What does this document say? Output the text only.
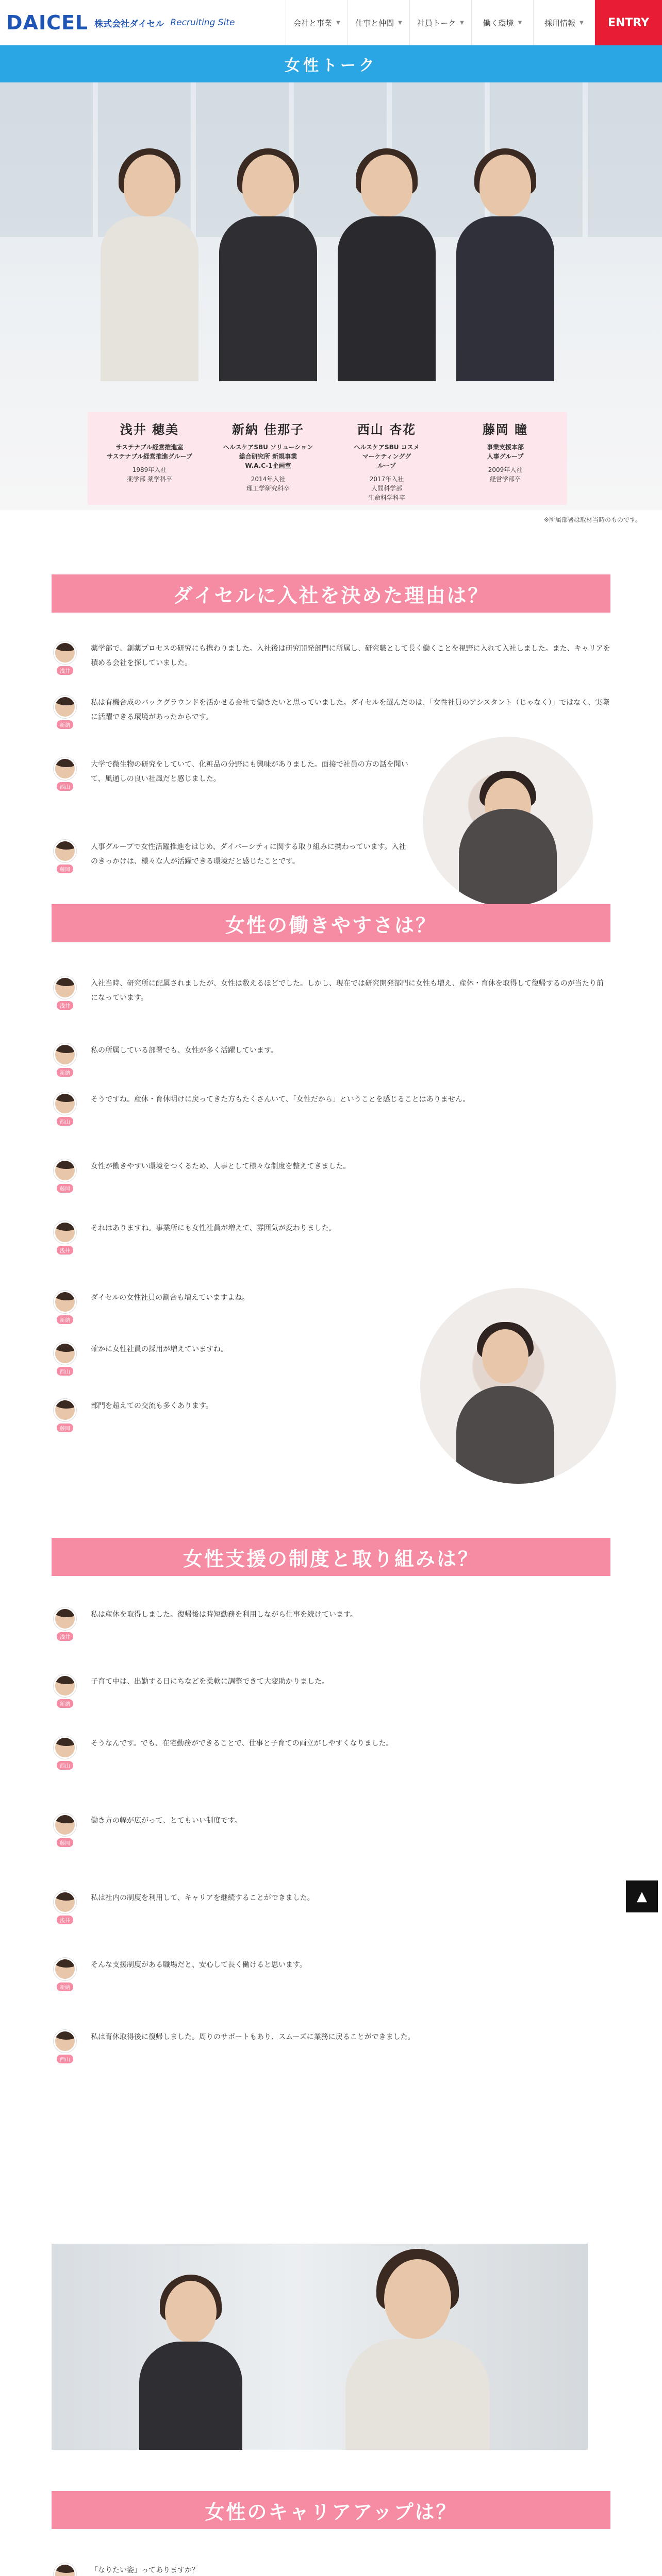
DAICEL 株式会社ダイセル Recruiting Site	会社と事業 ▼ 仕事と仲間 ▼ 社員トーク ▼ 働く環境 ▼	採用情報 ▼	ENTRY
女性トーク
浅井 穂美
サステナブル経営推進室
サステナブル経営推進グループ
1989年入社
薬学部 薬学科卒
新納 佳那子
ヘルスケアSBU ソリューション
総合研究所 新規事業
W.A.C-1企画室
2014年入社
理工学研究科卒
西山 杏花
ヘルスケアSBU コスメ
マーケティンググ
ループ
2017年入社
人間科学部
生命科学科卒
藤岡 瞳
事業支援本部
人事グループ
2009年入社
経営学部卒
※所属部署は取材当時のものです。
ダイセルに入社を決めた理由は？
浅井

薬学部で、創薬プロセスの研究にも携わりました。入社後は研究開発部門に所属し、研究職として長く働くことを視野に入れて入社しました。また、キャリアを積める会社を探していました。

新納

私は有機合成のバックグラウンドを活かせる会社で働きたいと思っていました。ダイセルを選んだのは、「女性社員のアシスタント（じゃなく）」ではなく、実際に活躍できる環境があったからです。

西山

大学で微生物の研究をしていて、化粧品の分野にも興味がありました。面接で社員の方の話を聞いて、風通しの良い社風だと感じました。

藤岡

人事グループで女性活躍推進をはじめ、ダイバーシティに関する取り組みに携わっています。入社のきっかけは、様々な人が活躍できる環境だと感じたことです。

女性の働きやすさは？
浅井

入社当時、研究所に配属されましたが、女性は数えるほどでした。しかし、現在では研究開発部門に女性も増え、産休・育休を取得して復帰するのが当たり前になっています。

新納

私の所属している部署でも、女性が多く活躍しています。

西山

そうですね。産休・育休明けに戻ってきた方もたくさんいて、「女性だから」ということを感じることはありません。

藤岡

女性が働きやすい環境をつくるため、人事として様々な制度を整えてきました。

浅井

それはありますね。事業所にも女性社員が増えて、雰囲気が変わりました。

新納

ダイセルの女性社員の割合も増えていますよね。

西山

確かに女性社員の採用が増えていますね。

藤岡

部門を超えての交流も多くあります。

女性支援の制度と取り組みは？
浅井

私は産休を取得しました。復帰後は時短勤務を利用しながら仕事を続けています。

新納

子育て中は、出勤する日にちなどを柔軟に調整できて大変助かりました。

西山

そうなんです。でも、在宅勤務ができることで、仕事と子育ての両立がしやすくなりました。

藤岡

働き方の幅が広がって、とてもいい制度です。

浅井

私は社内の制度を利用して、キャリアを継続することができました。

新納

そんな支援制度がある職場だと、安心して長く働けると思います。

西山

私は育休取得後に復帰しました。周りのサポートもあり、スムーズに業務に戻ることができました。

女性のキャリアアップは？

「なりたい姿」ってありますか？

▲
